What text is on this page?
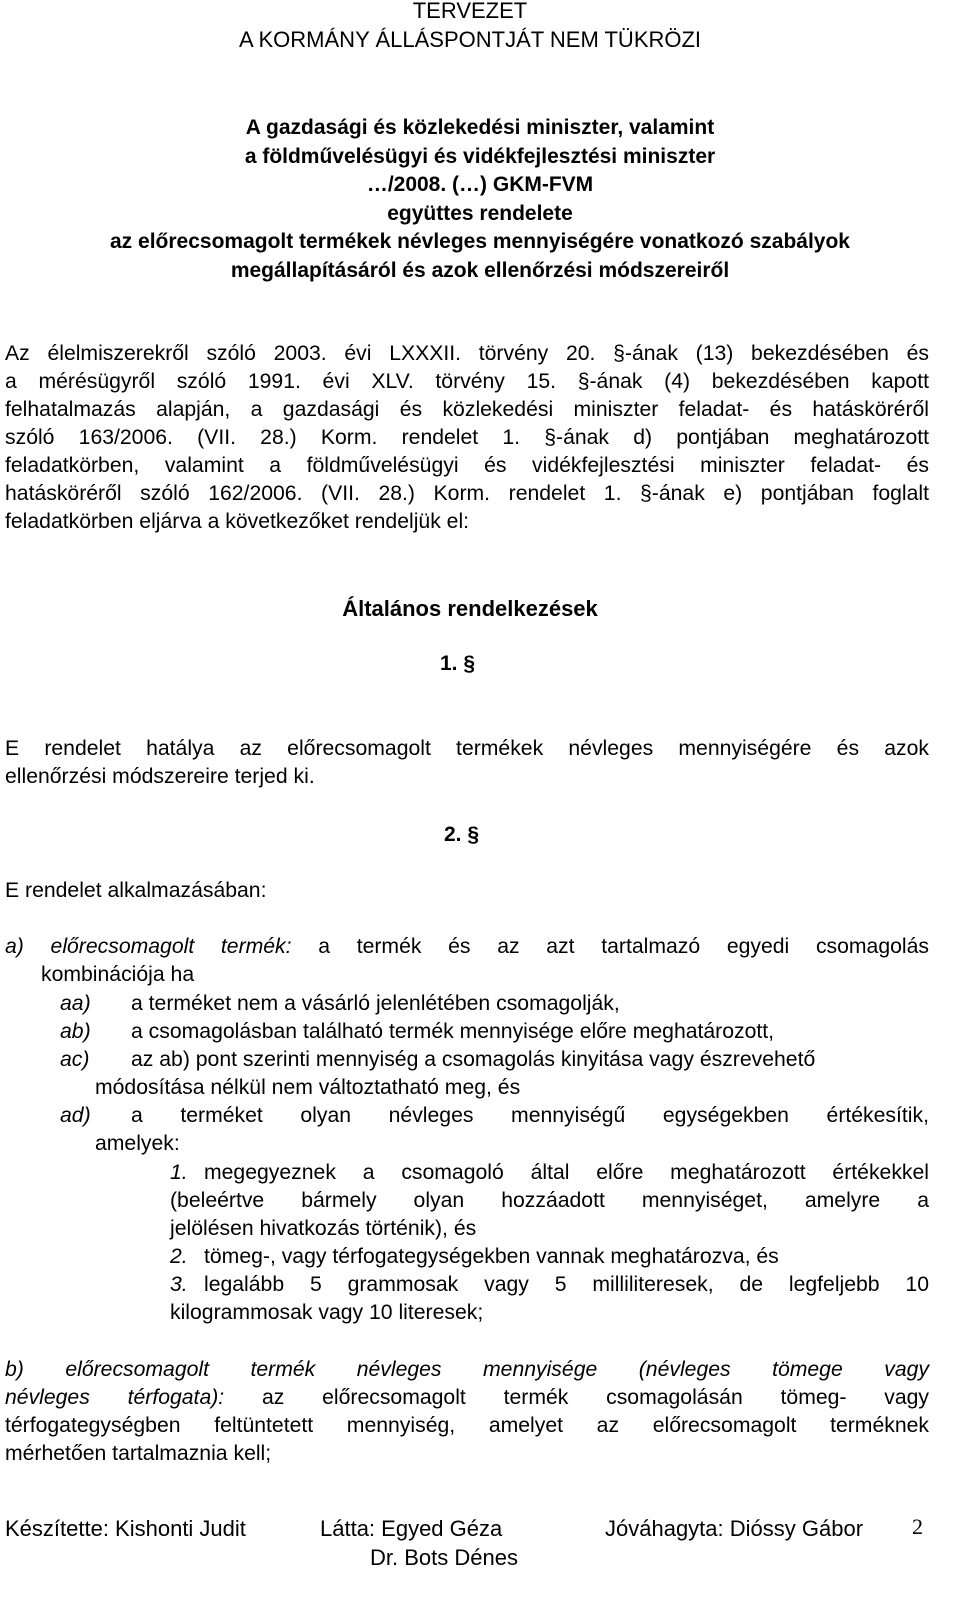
TERVEZET
A KORMÁNY ÁLLÁSPONTJÁT NEM TÜKRÖZI
A gazdasági és közlekedési miniszter, valamint
a földművelésügyi és vidékfejlesztési miniszter
…/2008. (…) GKM-FVM
együttes rendelete
az előrecsomagolt termékek névleges mennyiségére vonatkozó szabályok
megállapításáról és azok ellenőrzési módszereiről
Az élelmiszerekről szóló 2003. évi LXXXII. törvény 20. §-ának (13) bekezdésében és
a mérésügyről szóló 1991. évi XLV. törvény 15. §-ának (4) bekezdésében kapott
felhatalmazás alapján, a gazdasági és közlekedési miniszter feladat- és hatásköréről
szóló 163/2006. (VII. 28.) Korm. rendelet 1. §-ának d) pontjában meghatározott
feladatkörben, valamint a földművelésügyi és vidékfejlesztési miniszter feladat- és
hatásköréről szóló 162/2006. (VII. 28.) Korm. rendelet 1. §-ának e) pontjában foglalt
feladatkörben eljárva a következőket rendeljük el:
Általános rendelkezések
1. §
E rendelet hatálya az előrecsomagolt termékek névleges mennyiségére és azok
ellenőrzési módszereire terjed ki.
2. §
E rendelet alkalmazásában:
a) előrecsomagolt termék: a termék és az azt tartalmazó egyedi csomagolás
kombinációja ha
aa) a terméket nem a vásárló jelenlétében csomagolják,
ab) a csomagolásban található termék mennyisége előre meghatározott,
ac) az ab) pont szerinti mennyiség a csomagolás kinyitása vagy észrevehető
módosítása nélkül nem változtatható meg, és
ad) a terméket olyan névleges mennyiségű egységekben értékesítik,
amelyek:
1. megegyeznek a csomagoló által előre meghatározott értékekkel
(beleértve bármely olyan hozzáadott mennyiséget, amelyre a
jelölésen hivatkozás történik), és
2. tömeg-, vagy térfogategységekben vannak meghatározva, és
3. legalább 5 grammosak vagy 5 milliliteresek, de legfeljebb 10
kilogrammosak vagy 10 literesek;
b) előrecsomagolt termék névleges mennyisége (névleges tömege vagy
névleges térfogata): az előrecsomagolt termék csomagolásán tömeg- vagy
térfogategységben feltüntetett mennyiség, amelyet az előrecsomagolt terméknek
mérhetően tartalmaznia kell;
Készítette: Kishonti Judit	Látta: Egyed Géza	Jóváhagyta: Dióssy Gábor
Dr. Bots Dénes
2
